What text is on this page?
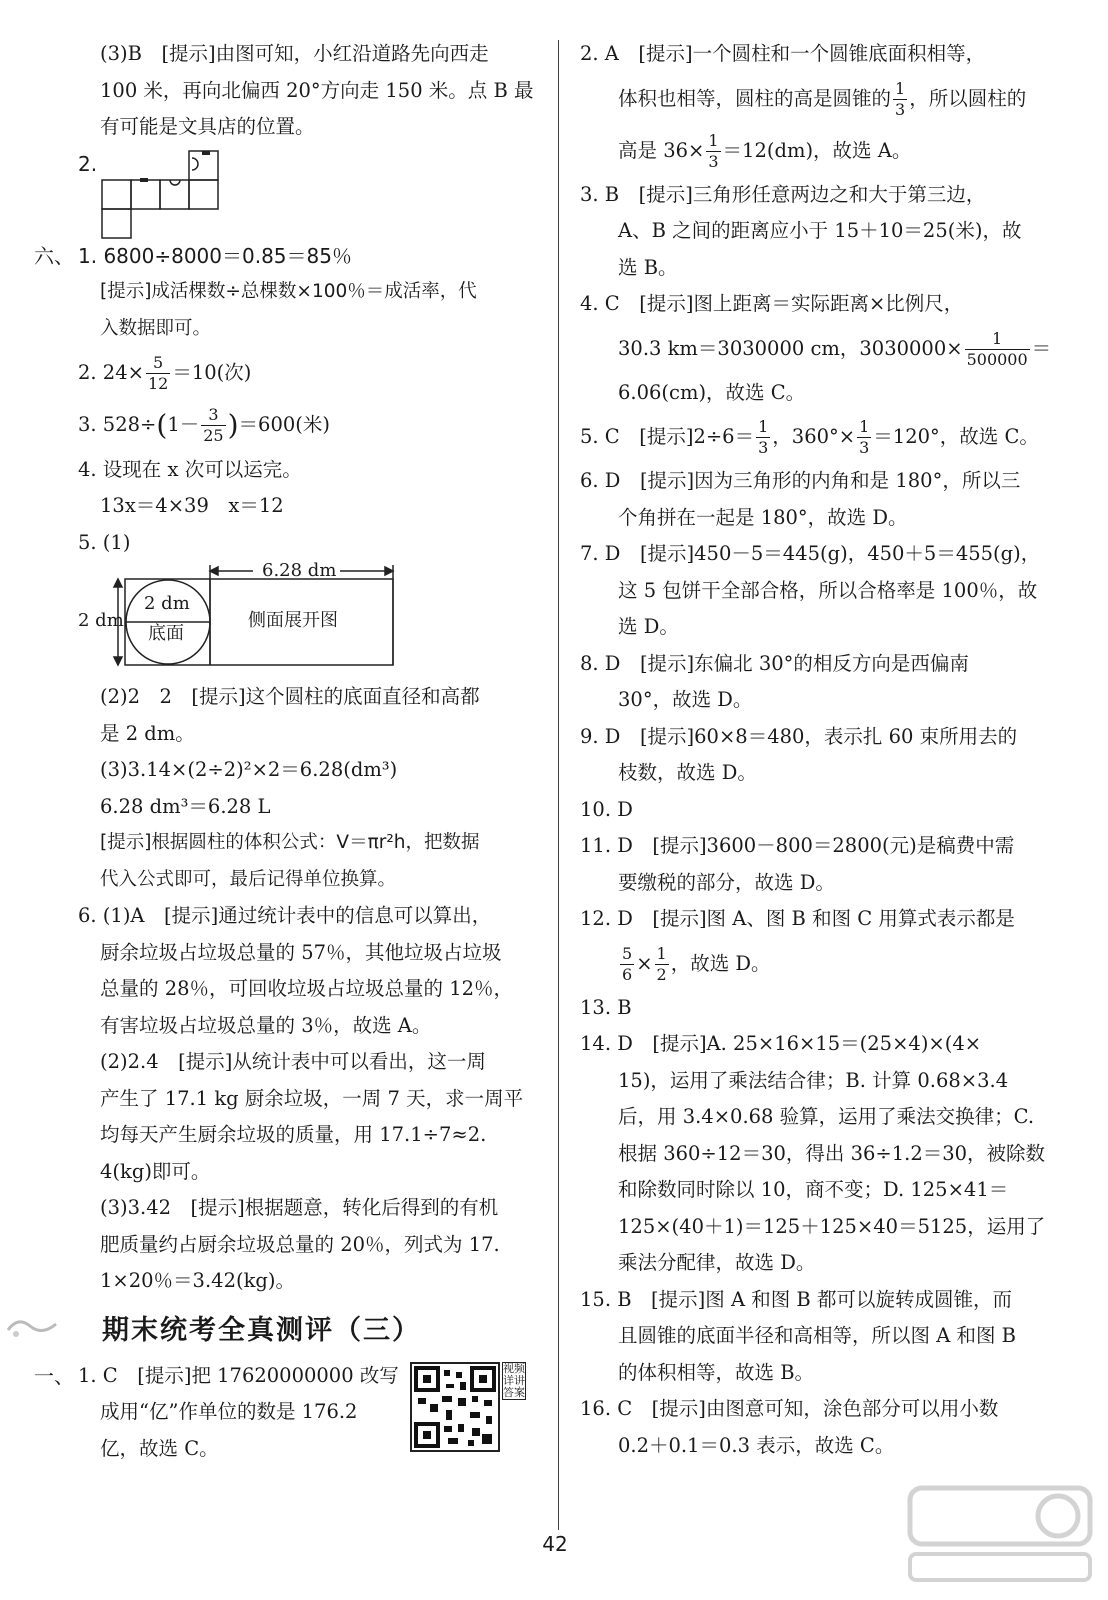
(3)B　[提示]由图可知，小红沿道路先向西走

100 米，再向北偏西 20°方向走 150 米。点 B 最

有可能是文具店的位置。

2.
六、 1. 6800÷8000＝0.85＝85％

[提示]成活棵数÷总棵数×100％＝成活率，代

入数据即可。

2. $24\times \frac{5}{12} =10$(次)

3. $528\div(1- \frac{3}{25} )=600$(米)

4. 设现在 x 次可以运完。

13x＝4×39　x＝12

5. (1)

6.28 dm
2 dm
2 dm
底面
侧面展开图

(2)2　2　[提示]这个圆柱的底面直径和高都

是 2 dm。

(3)3.14×(2÷2)²×2＝6.28(dm³)

6.28 dm³＝6.28 L

[提示]根据圆柱的体积公式：V＝πr²h，把数据

代入公式即可，最后记得单位换算。

6. (1)A　[提示]通过统计表中的信息可以算出，

厨余垃圾占垃圾总量的 57％，其他垃圾占垃圾

总量的 28％，可回收垃圾占垃圾总量的 12％，

有害垃圾占垃圾总量的 3％，故选 A。

(2)2.4　[提示]从统计表中可以看出，这一周

产生了 17.1 kg 厨余垃圾，一周 7 天，求一周平

均每天产生厨余垃圾的质量，用 17.1÷7≈2.

4(kg)即可。

(3)3.42　[提示]根据题意，转化后得到的有机

肥质量约占厨余垃圾总量的 20％，列式为 17.

1×20％＝3.42(kg)。

期末统考全真测评（三）
一、 1. C　[提示]把 17620000000 改写

成用“亿”作单位的数是 176.2

亿，故选 C。

视频详讲答案

2. A　[提示]一个圆柱和一个圆锥底面积相等，

体积也相等，圆柱的高是圆锥的 $\frac{1}{3}$ ，所以圆柱的

高是 $36\times \frac{1}{3} =12(dm)$，故选 A。

3. B　[提示]三角形任意两边之和大于第三边，

A、B 之间的距离应小于 15＋10＝25(米)，故

选 B。

4. C　[提示]图上距离＝实际距离×比例尺，

30.3 km＝3030000 cm，$3030000\times \frac{1}{500000}$ ＝

6.06(cm)，故选 C。

5. C　[提示]$2\div 6= \frac{1}{3}$ ，$360^\circ\times \frac{1}{3} =120^\circ$，故选 C。

6. D　[提示]因为三角形的内角和是 180°，所以三

个角拼在一起是 180°，故选 D。

7. D　[提示]450－5＝445(g)，450＋5＝455(g)，

这 5 包饼干全部合格，所以合格率是 100％，故

选 D。

8. D　[提示]东偏北 30°的相反方向是西偏南

30°，故选 D。

9. D　[提示]60×8＝480，表示扎 60 束所用去的

枝数，故选 D。

10. D

11. D　[提示]3600－800＝2800(元)是稿费中需

要缴税的部分，故选 D。

12. D　[提示]图 A、图 B 和图 C 用算式表示都是

$\frac{5}{6} \times \frac{1}{2}$ ，故选 D。

13. B

14. D　[提示]A. 25×16×15＝(25×4)×(4×

15)，运用了乘法结合律；B. 计算 0.68×3.4

后，用 3.4×0.68 验算，运用了乘法交换律；C.

根据 360÷12＝30，得出 36÷1.2＝30，被除数

和除数同时除以 10，商不变；D. 125×41＝

125×(40＋1)＝125＋125×40＝5125，运用了

乘法分配律，故选 D。

15. B　[提示]图 A 和图 B 都可以旋转成圆锥，而

且圆锥的底面半径和高相等，所以图 A 和图 B

的体积相等，故选 B。

16. C　[提示]由图意可知，涂色部分可以用小数

0.2＋0.1＝0.3 表示，故选 C。

42
